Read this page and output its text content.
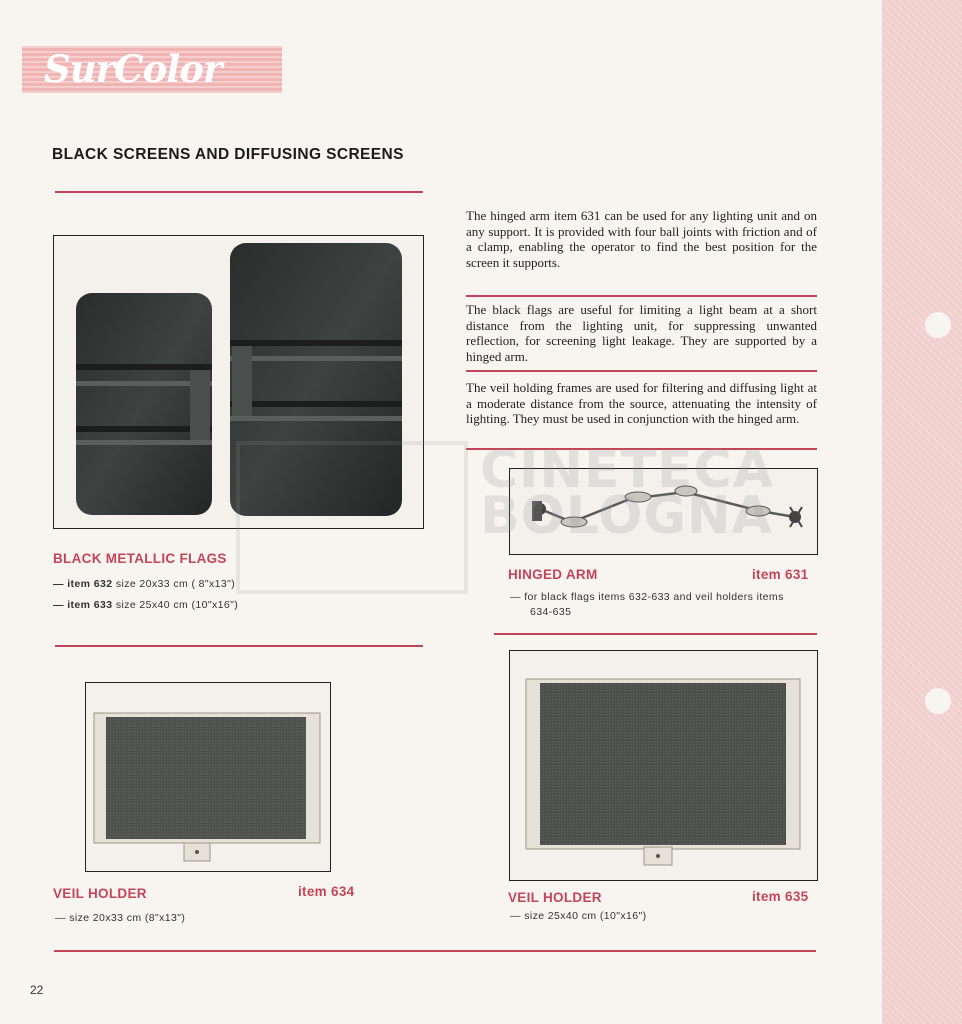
SurColor
BLACK SCREENS AND DIFFUSING SCREENS
The hinged arm item 631 can be used for any lighting unit and on any support. It is provided with four ball joints with friction and of a clamp, enabling the operator to find the best position for the screen it supports.
The black flags are useful for limiting a light beam at a short distance from the lighting unit, for suppressing unwanted reflection, for screening light leakage. They are supported by a hinged arm.
The veil holding frames are used for filtering and diffusing light at a moderate distance from the source, attenuating the intensity of lighting. They must be used in conjunction with the hinged arm.
BLACK METALLIC FLAGS
— item 632 size 20x33 cm ( 8"x13")
— item 633 size 25x40 cm (10"x16")
HINGED ARM	item 631
— for black flags items 632-633 and veil holders items
634-635
VEIL HOLDER	item 634
— size 20x33 cm (8"x13")
VEIL HOLDER	item 635
— size 25x40 cm (10"x16")
CINETECA
BOLOGNA
22
